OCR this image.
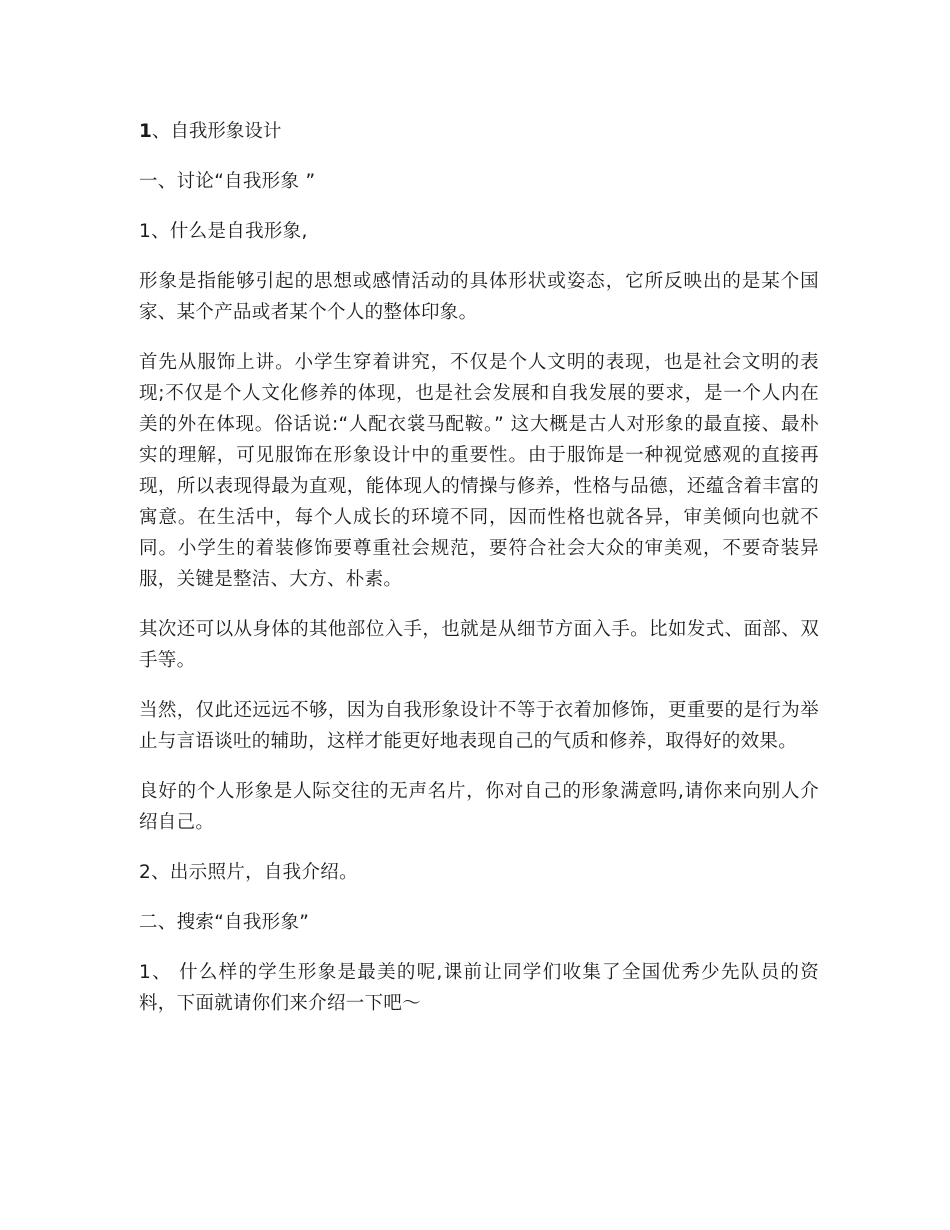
1、自我形象设计

一、讨论“自我形象 ”

1、什么是自我形象,

形象是指能够引起的思想或感情活动的具体形状或姿态，它所反映出的是某个国家、某个产品或者某个个人的整体印象。

首先从服饰上讲。小学生穿着讲究，不仅是个人文明的表现，也是社会文明的表现;不仅是个人文化修养的体现，也是社会发展和自我发展的要求，是一个人内在美的外在体现。俗话说:“人配衣裳马配鞍。” 这大概是古人对形象的最直接、最朴实的理解，可见服饰在形象设计中的重要性。由于服饰是一种视觉感观的直接再现，所以表现得最为直观，能体现人的情操与修养，性格与品德，还蕴含着丰富的寓意。在生活中，每个人成长的环境不同，因而性格也就各异，审美倾向也就不同。小学生的着装修饰要尊重社会规范，要符合社会大众的审美观，不要奇装异服，关键是整洁、大方、朴素。

其次还可以从身体的其他部位入手，也就是从细节方面入手。比如发式、面部、双手等。

当然，仅此还远远不够，因为自我形象设计不等于衣着加修饰，更重要的是行为举止与言语谈吐的辅助，这样才能更好地表现自己的气质和修养，取得好的效果。

良好的个人形象是人际交往的无声名片，你对自己的形象满意吗,请你来向别人介绍自己。

2、出示照片，自我介绍。

二、搜索“自我形象”

1、 什么样的学生形象是最美的呢,课前让同学们收集了全国优秀少先队员的资料，下面就请你们来介绍一下吧～
